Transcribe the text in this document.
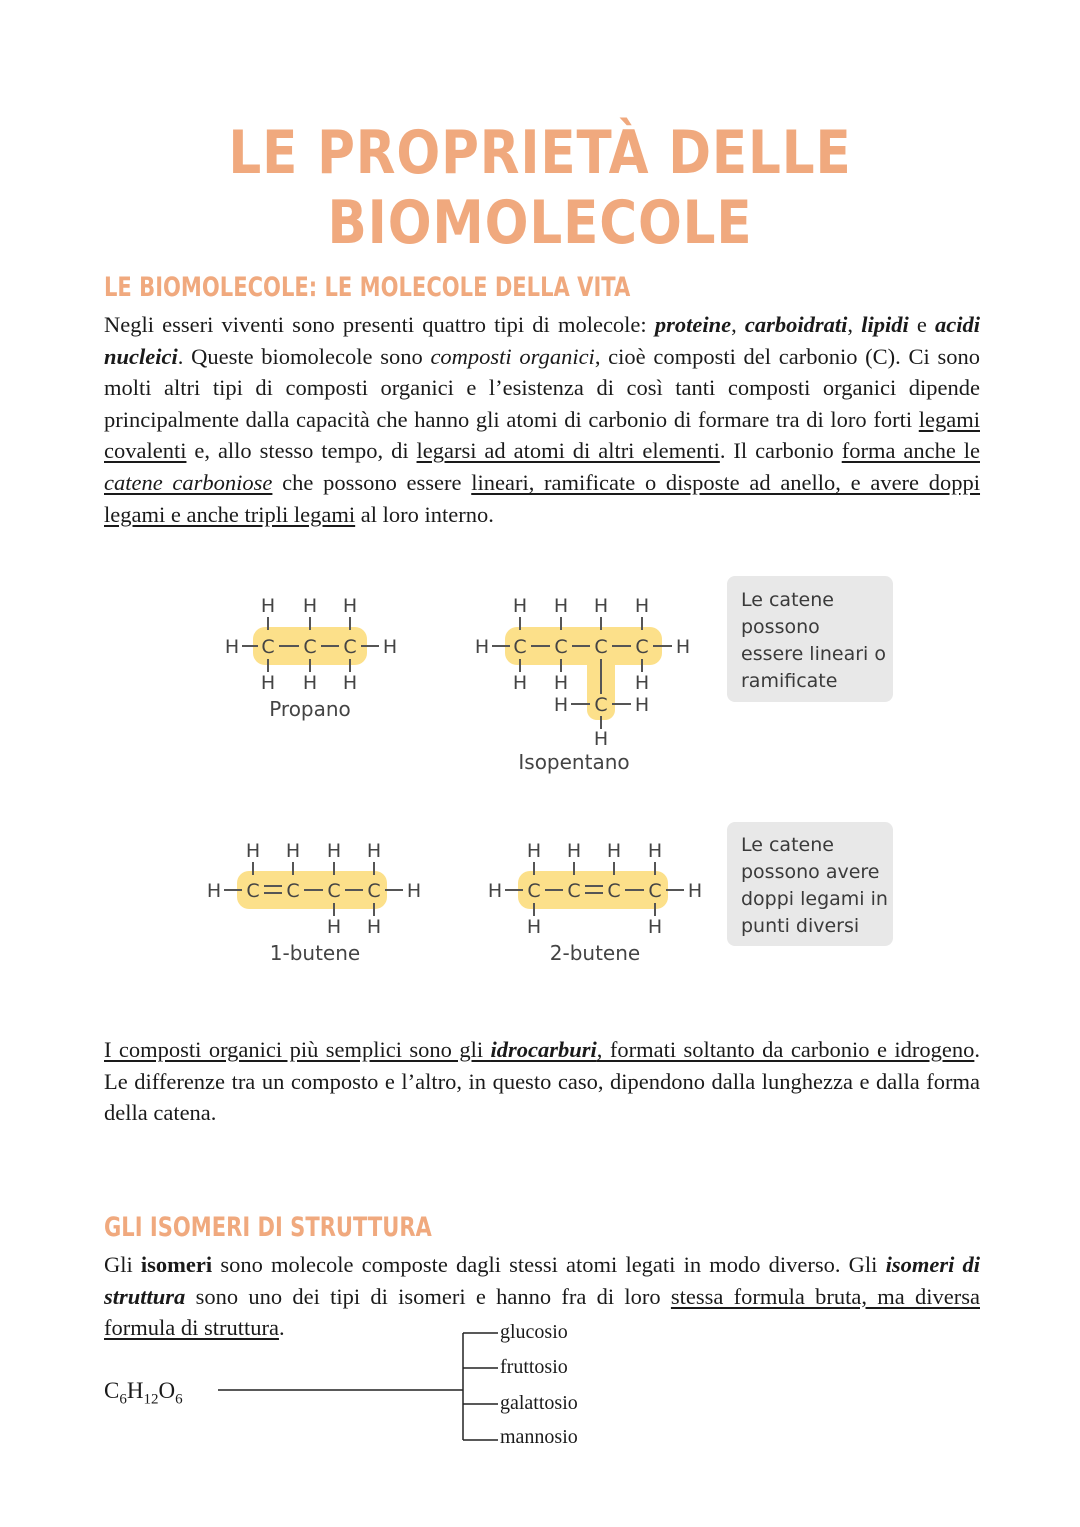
LE PROPRIETÀ DELLE BIOMOLECOLE
LE BIOMOLECOLE: LE MOLECOLE DELLA VITA
Negli esseri viventi sono presenti quattro tipi di molecole: proteine, carboidrati, lipidi e acidi nucleici. Queste biomolecole sono composti organici, cioè composti del carbonio (C). Ci sono molti altri tipi di composti organici e l’esistenza di così tanti composti organici dipende principalmente dalla capacità che hanno gli atomi di carbonio di formare tra di loro forti legami covalenti e, allo stesso tempo, di legarsi ad atomi di altri elementi. Il carbonio forma anche le catene carboniose che possono essere lineari, ramificate o disposte ad anello, e avere doppi legami e anche tripli legami al loro interno.
H H H
H C C C H
H H H
Propano
H H H H
H C C C C H
H H	H
H C H
H
Isopentano
Le catene
possono
essere lineari o
ramificate
H H H H
H C C C C H
H H
1-butene
H H H H
H C C C C H
H	H
2-butene
Le catene
possono avere
doppi legami in
punti diversi
I composti organici più semplici sono gli idrocarburi, formati soltanto da carbonio e idrogeno. Le differenze tra un composto e l’altro, in questo caso, dipendono dalla lunghezza e dalla forma della catena.
GLI ISOMERI DI STRUTTURA
Gli isomeri sono molecole composte dagli stessi atomi legati in modo diverso. Gli isomeri di struttura sono uno dei tipi di isomeri e hanno fra di loro stessa formula bruta, ma diversa formula di struttura.
$C_6H_{12}O_6$
glucosio
fruttosio
galattosio
mannosio
